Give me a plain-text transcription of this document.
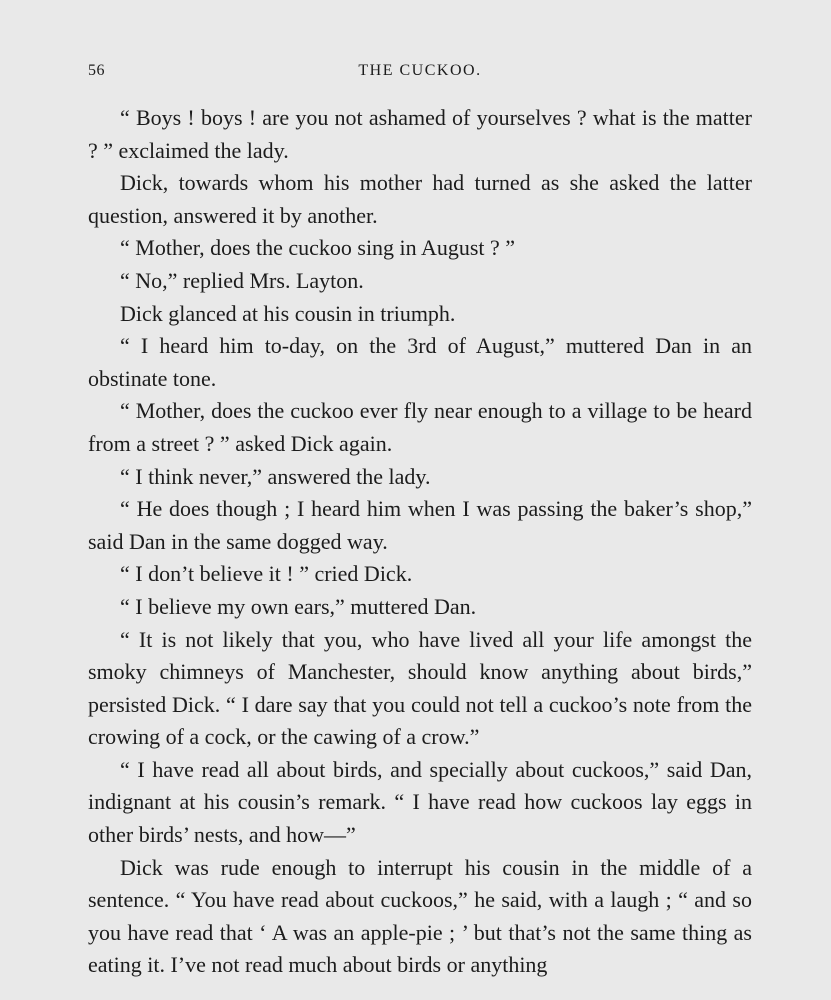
56	THE CUCKOO.

“ Boys ! boys ! are you not ashamed of yourselves ? what is the matter ? ” exclaimed the lady.

Dick, towards whom his mother had turned as she asked the latter question, answered it by another.

“ Mother, does the cuckoo sing in August ? ”

“ No,” replied Mrs. Layton.

Dick glanced at his cousin in triumph.

“ I heard him to-day, on the 3rd of August,” muttered Dan in an obstinate tone.

“ Mother, does the cuckoo ever fly near enough to a village to be heard from a street ? ” asked Dick again.

“ I think never,” answered the lady.

“ He does though ; I heard him when I was passing the baker’s shop,” said Dan in the same dogged way.

“ I don’t believe it ! ” cried Dick.

“ I believe my own ears,” muttered Dan.

“ It is not likely that you, who have lived all your life amongst the smoky chimneys of Manchester, should know anything about birds,” persisted Dick. “ I dare say that you could not tell a cuckoo’s note from the crowing of a cock, or the cawing of a crow.”

“ I have read all about birds, and specially about cuckoos,” said Dan, indignant at his cousin’s remark. “ I have read how cuckoos lay eggs in other birds’ nests, and how—”

Dick was rude enough to interrupt his cousin in the middle of a sentence. “ You have read about cuckoos,” he said, with a laugh ; “ and so you have read that ‘ A was an apple-pie ; ’ but that’s not the same thing as eating it. I’ve not read much about birds or anything
